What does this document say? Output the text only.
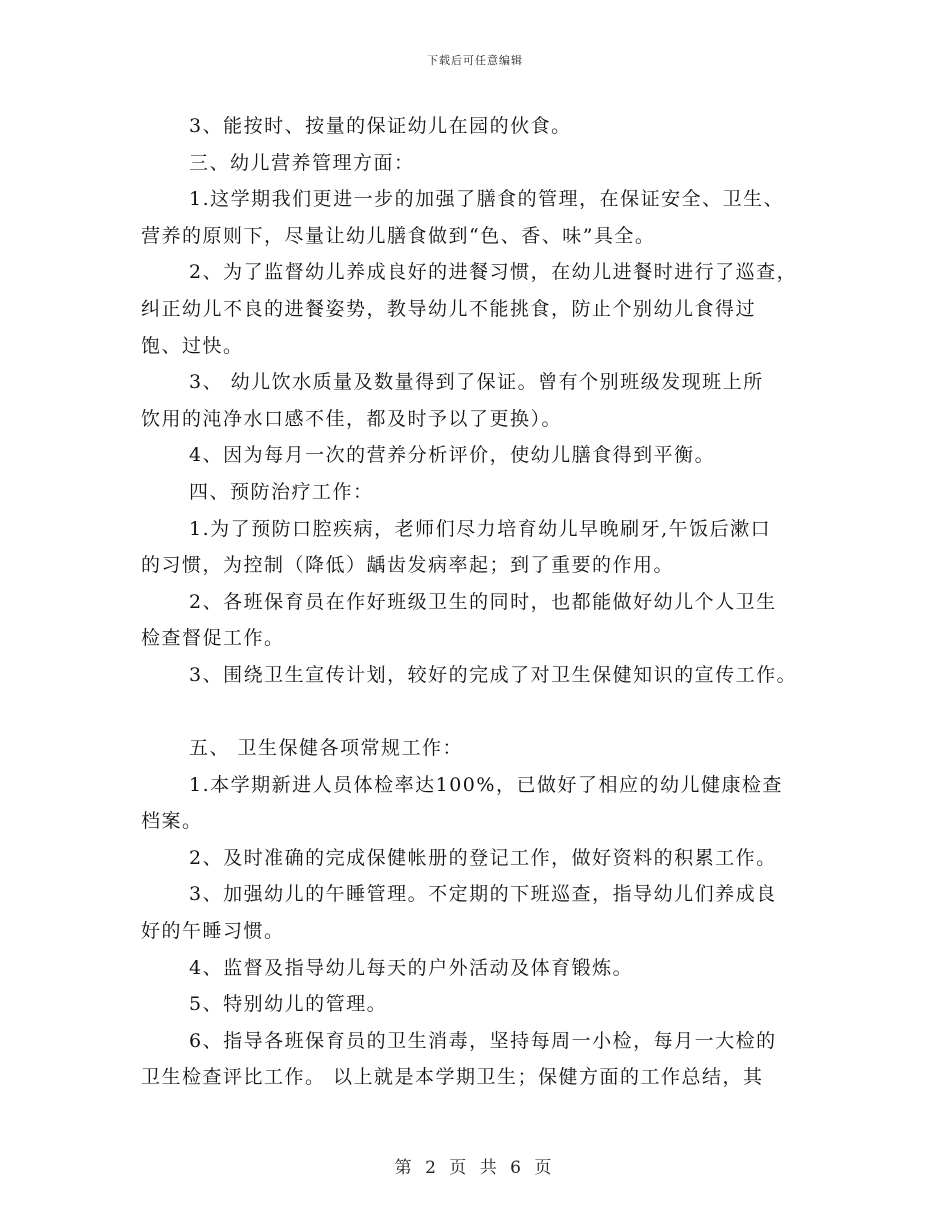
下载后可任意编辑
3、能按时、按量的保证幼儿在园的伙食。
三、幼儿营养管理方面：
1.这学期我们更进一步的加强了膳食的管理，在保证安全、卫生、
营养的原则下，尽量让幼儿膳食做到“色、香、味”具全。
2、为了监督幼儿养成良好的进餐习惯，在幼儿进餐时进行了巡查，
纠正幼儿不良的进餐姿势，教导幼儿不能挑食，防止个别幼儿食得过
饱、过快。
3、 幼儿饮水质量及数量得到了保证。曾有个别班级发现班上所
饮用的沌净水口感不佳，都及时予以了更换）。
4、因为每月一次的营养分析评价，使幼儿膳食得到平衡。
四、预防治疗工作：
1.为了预防口腔疾病，老师们尽力培育幼儿早晚刷牙,午饭后漱口
的习惯，为控制（降低）龋齿发病率起；到了重要的作用。
2、各班保育员在作好班级卫生的同时，也都能做好幼儿个人卫生
检查督促工作。
3、围绕卫生宣传计划，较好的完成了对卫生保健知识的宣传工作。
五、 卫生保健各项常规工作：
1.本学期新进人员体检率达100%，已做好了相应的幼儿健康检查
档案。
2、及时准确的完成保健帐册的登记工作，做好资料的积累工作。
3、加强幼儿的午睡管理。不定期的下班巡查，指导幼儿们养成良
好的午睡习惯。
4、监督及指导幼儿每天的户外活动及体育锻炼。
5、特别幼儿的管理。
6、指导各班保育员的卫生消毒，坚持每周一小检，每月一大检的
卫生检查评比工作。 以上就是本学期卫生；保健方面的工作总结，其
第 2 页 共 6 页
